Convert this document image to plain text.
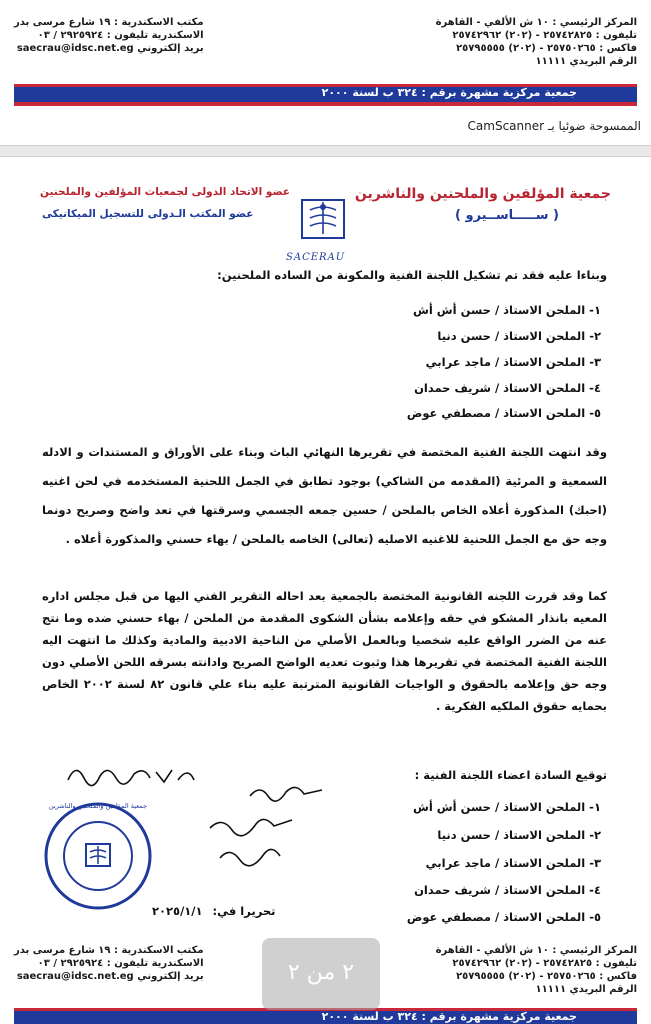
المركز الرئيسي : ١٠ ش الألفي - القاهرة
تليفون : ٢٥٧٤٢٨٢٥ - (٢٠٢) ٢٥٧٤٢٩٦٢
فاكس : ٢٥٧٥٠٢٦٥ - (٢٠٢) ٢٥٧٩٥٥٥٥
الرقم البريدي ١١١١١
مكتب الاسكندرية : ١٩ شارع مرسى بدر
الاسكندرية تليفون : ٢٩٢٥٩٢٤ / ٠٣
بريد إلكتروني saecrau@idsc.net.eg
جمعية مركزية مشهرة برقم : ٣٢٤ ب لسنة ٢٠٠٠
الممسوحة ضوئيا بـ CamScanner
جمعية المؤلفين والملحنين والناشرين
( ســـــاســيرو )
عضو الاتحاد الدولى لجمعيات المؤلفين والملحنين
عضو المكتب الـدولى للتسجيل الميكانيكى
SACERAU
وبناءا عليه فقد تم تشكيل اللجنة الفنية والمكونة من الساده الملحنين:
١- الملحن الاستاذ / حسن أش أش
٢- الملحن الاستاذ / حسن دنيا
٣- الملحن الاستاذ / ماجد عرابي
٤- الملحن الاستاذ / شريف حمدان
٥- الملحن الاستاذ / مصطفي عوض
وقد انتهت اللجنة الفنية المختصة في تقريرها النهائي الباث وبناء على الأوراق و المستندات و الادله السمعية و المرئية (المقدمه من الشاكي) بوجود تطابق في الجمل اللحنية المستخدمه في لحن اغنيه (احبك) المذكورة أعلاه الخاص بالملحن / حسين جمعه الجسمي وسرقتها في تعد واضح وصريح دونما وجه حق مع الجمل اللحنية للاغنيه الاصليه (تعالى) الخاصه بالملحن / بهاء حسني والمذكورة أعلاه .
كما وقد قررت اللجنه القانونية المختصة بالجمعية بعد احاله التقرير الفني اليها من قبل مجلس اداره المعيه بانذار المشكو في حقه وإعلامه بشأن الشكوى المقدمة من الملحن / بهاء حسني ضده وما نتج عنه من الضرر الواقع عليه شخصيا وبالعمل الأصلي من الناحية الادبية والمادية وكذلك ما انتهت اليه اللجنة الفنية المختصة في تقريرها هذا وثبوت تعديه الواضح الصريح وادانته بسرقه اللحن الأصلي دون وجه حق وإعلامه بالحقوق و الواجبات القانونية المترتبة عليه بناء علي قانون ٨٢ لسنة ٢٠٠٢ الخاص بحمايه حقوق الملكيه الفكرية .
توقيع السادة اعضاء اللجنة الفنية :
١- الملحن الاستاذ / حسن أش أش
٢- الملحن الاستاذ / حسن دنيا
٣- الملحن الاستاذ / ماجد عرابي
٤- الملحن الاستاذ / شريف حمدان
٥- الملحن الاستاذ / مصطفي عوض
جمعية المؤلفين والملحنين والناشرين
تحريرا في: ٢٠٢٥/١/١
المركز الرئيسي : ١٠ ش الألفي - القاهرة
تليفون : ٢٥٧٤٢٨٢٥ - (٢٠٢) ٢٥٧٤٢٩٦٢
فاكس : ٢٥٧٥٠٢٦٥ - (٢٠٢) ٢٥٧٩٥٥٥٥
الرقم البريدي ١١١١١
مكتب الاسكندرية : ١٩ شارع مرسى بدر
الاسكندرية تليفون : ٢٩٢٥٩٢٤ / ٠٣
بريد إلكتروني saecrau@idsc.net.eg
جمعية مركزية مشهرة برقم : ٣٢٤ ب لسنة ٢٠٠٠
٢ من ٢
